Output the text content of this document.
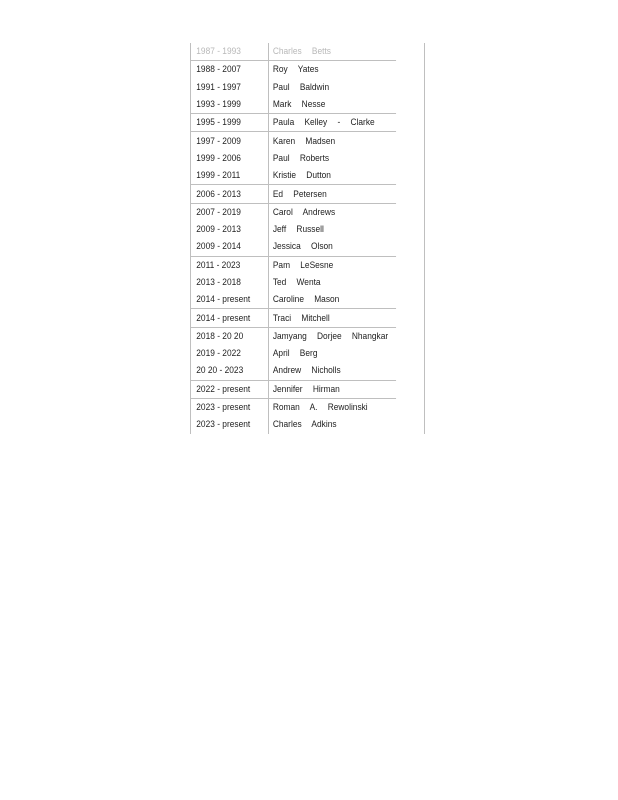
1987 - 1993	Charles Betts
1988 - 2007	Roy Yates
1991 - 1997	Paul Baldwin
1993 - 1999	Mark Nesse
1995 - 1999	Paula Kelley - Clarke
1997 - 2009	Karen Madsen
1999 - 2006	Paul Roberts
1999 - 2011	Kristie Dutton
2006 - 2013	Ed Petersen
2007 - 2019	Carol Andrews
2009 - 2013	Jeff Russell
2009 - 2014	Jessica Olson
2011 - 2023	Pam LeSesne
2013 - 2018	Ted Wenta
2014 - present	Caroline Mason
2014 - present	Traci Mitchell
2018 - 20 20	Jamyang Dorjee Nhangkar
2019 - 2022	April Berg
20 20 - 2023	Andrew Nicholls
2022 - present	Jennifer Hirman
2023 - present	Roman A. Rewolinski
2023 - present	Charles Adkins
